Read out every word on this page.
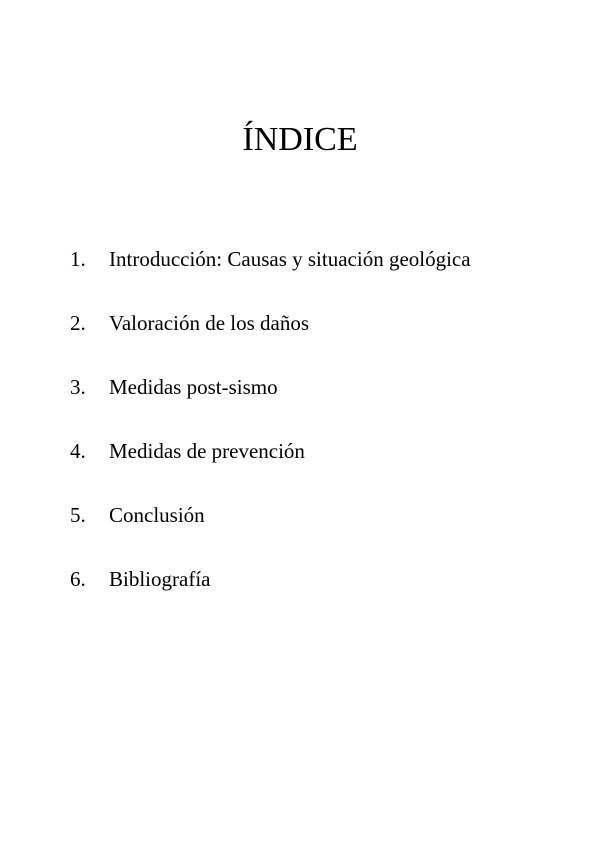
ÍNDICE
1.	Introducción: Causas y situación geológica
2.	Valoración de los daños
3.	Medidas post-sismo
4.	Medidas de prevención
5.	Conclusión
6.	Bibliografía
